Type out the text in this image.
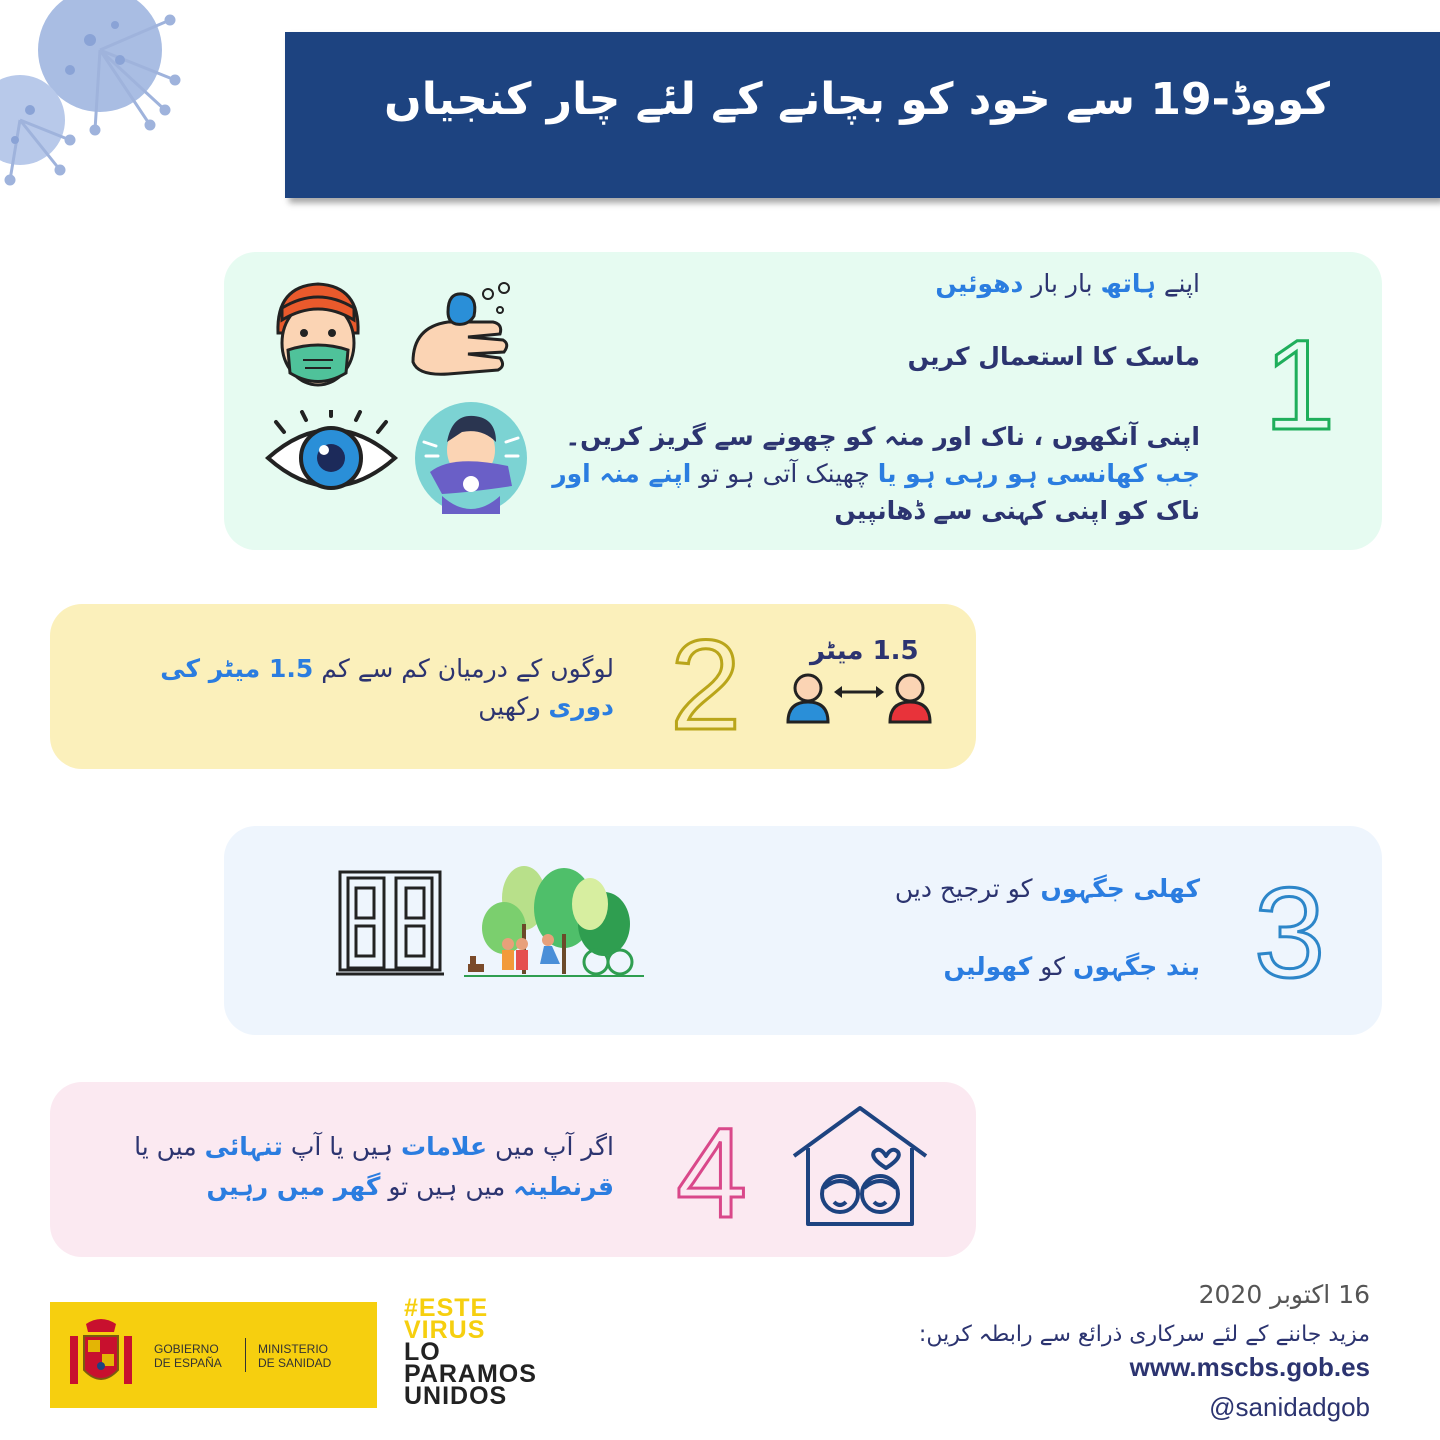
کووڈ-19 سے خود کو بچانے کے لئے چار کنجیاں
اپنے ہاتھ بار بار دھوئیں
ماسک کا استعمال کریں
اپنی آنکھوں ، ناک اور منہ کو چھونے سے گریز کریں۔
جب کھانسی ہو رہی ہو یا چھینک آتی ہو تو اپنے منہ اور
ناک کو اپنی کہنی سے ڈھانپیں
1
لوگوں کے درمیان کم سے کم 1.5 میٹر کی
دوری رکھیں	2	1.5 میٹر
کھلی جگہوں کو ترجیح دیں
بند جگہوں کو کھولیں	3
اگر آپ میں علامات ہیں یا آپ تنہائی میں یا
قرنطینہ میں ہیں تو گھر میں رہیں	4
GOBIERNO
DE ESPAÑA
MINISTERIO
DE SANIDAD
#ESTE
VIRUS
LO
PARAMOS
UNIDOS
16 اکتوبر 2020
مزید جاننے کے لئے سرکاری ذرائع سے رابطہ کریں:
www.mscbs.gob.es
@sanidadgob
